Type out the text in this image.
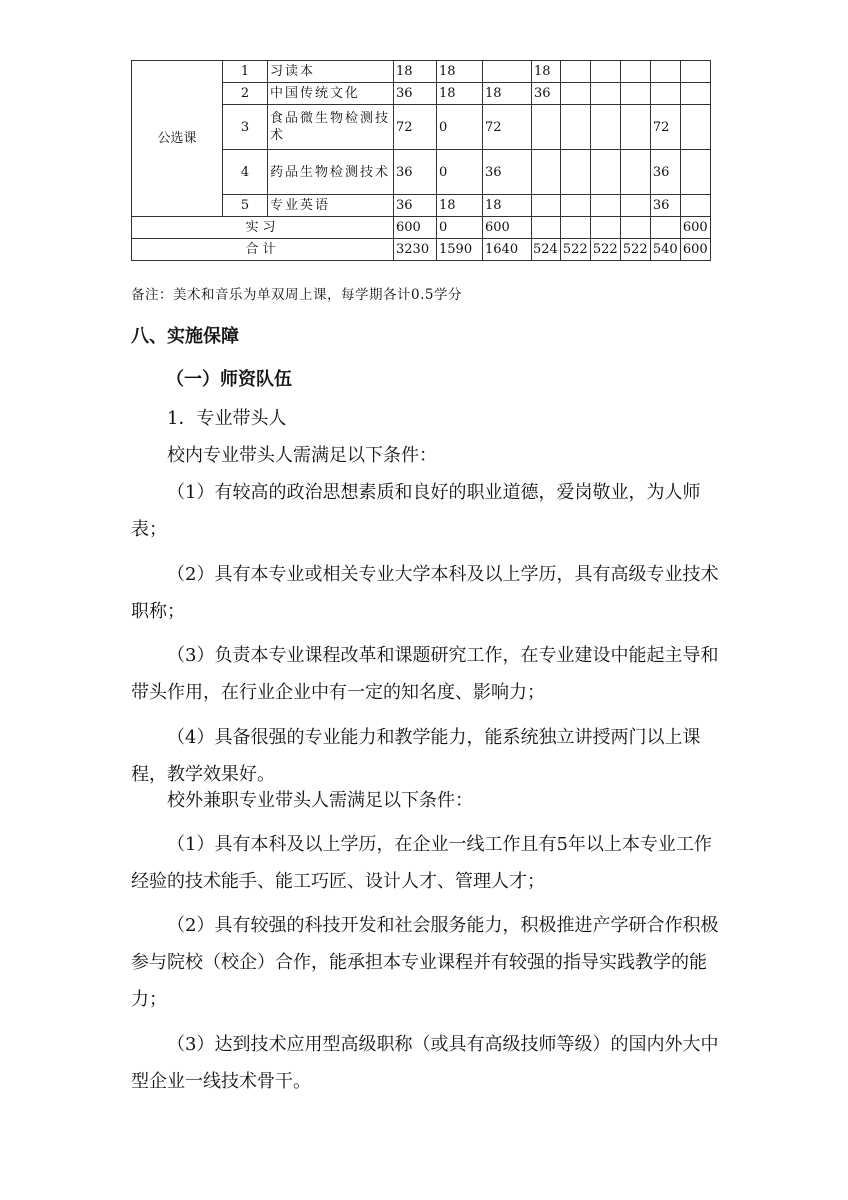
公选课	1	习读本	18	18		18					
	2	中国传统文化	36	18	18	36					
	3	食品微生物检测技术	72	0	72					72	
	4	药品生物检测技术	36	0	36					36	
	5	专业英语	36	18	18					36	
实习			600	0	600						600
合计			3230	1590	1640	524	522	522	522	540	600
备注：美术和音乐为单双周上课，每学期各计0.5学分
八、实施保障
（一）师资队伍
1．专业带头人
校内专业带头人需满足以下条件：
（1）有较高的政治思想素质和良好的职业道德，爱岗敬业，为人师表；
（2）具有本专业或相关专业大学本科及以上学历，具有高级专业技术职称；
（3）负责本专业课程改革和课题研究工作，在专业建设中能起主导和带头作用，在行业企业中有一定的知名度、影响力；
（4）具备很强的专业能力和教学能力，能系统独立讲授两门以上课程，教学效果好。
校外兼职专业带头人需满足以下条件：
（1）具有本科及以上学历，在企业一线工作且有5年以上本专业工作经验的技术能手、能工巧匠、设计人才、管理人才；
（2）具有较强的科技开发和社会服务能力，积极推进产学研合作积极参与院校（校企）合作，能承担本专业课程并有较强的指导实践教学的能力；
（3）达到技术应用型高级职称（或具有高级技师等级）的国内外大中型企业一线技术骨干。
